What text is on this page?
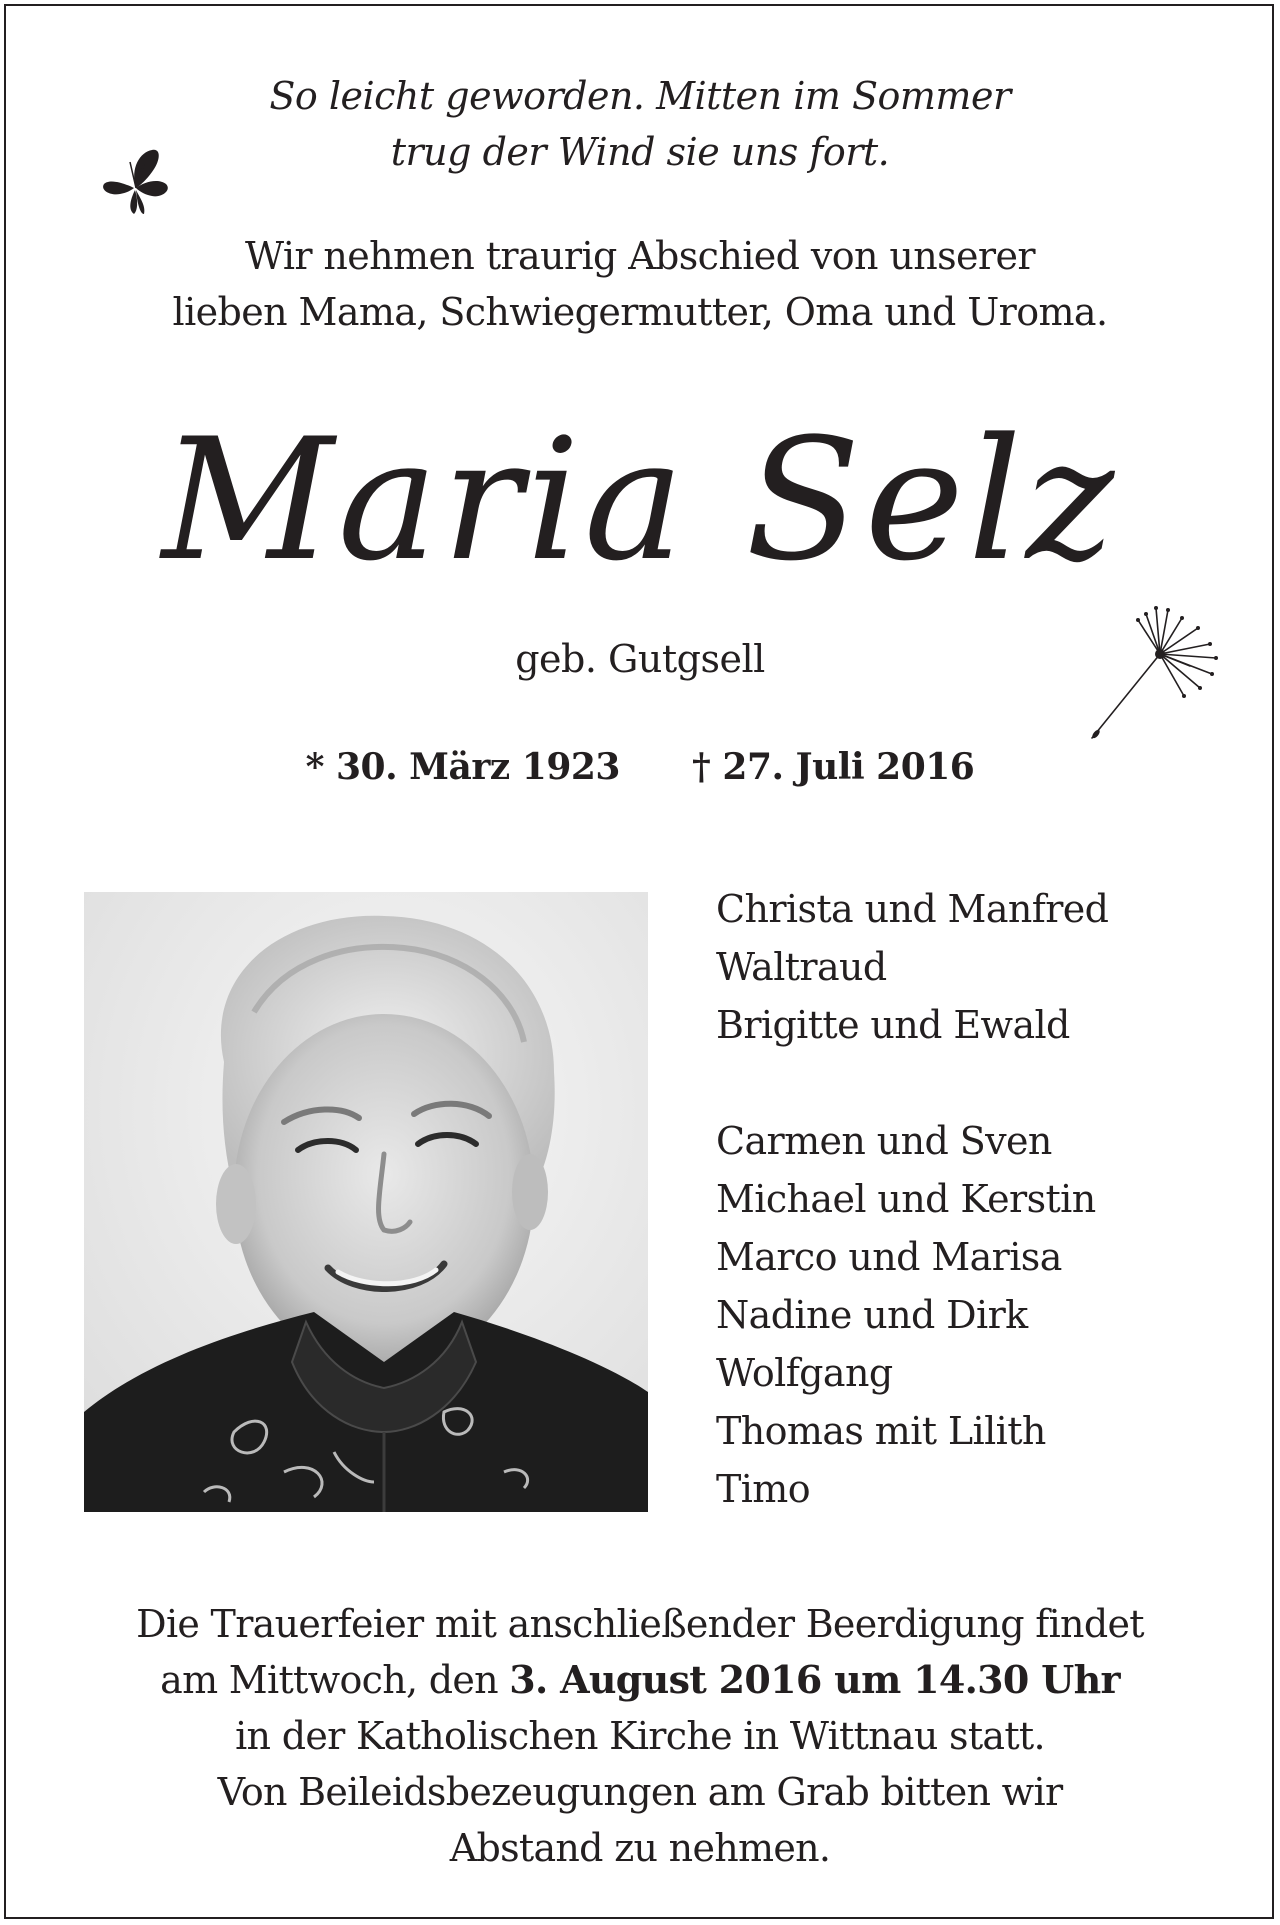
So leicht geworden. Mitten im Sommer
trug der Wind sie uns fort.
Wir nehmen traurig Abschied von unserer
lieben Mama, Schwiegermutter, Oma und Uroma.
Maria Selz
geb. Gutgsell
* 30. März 1923 † 27. Juli 2016
Christa und Manfred
Waltraud
Brigitte und Ewald
Carmen und Sven
Michael und Kerstin
Marco und Marisa
Nadine und Dirk
Wolfgang
Thomas mit Lilith
Timo
Die Trauerfeier mit anschließender Beerdigung findet
am Mittwoch, den 3. August 2016 um 14.30 Uhr
in der Katholischen Kirche in Wittnau statt.
Von Beileidsbezeugungen am Grab bitten wir
Abstand zu nehmen.
